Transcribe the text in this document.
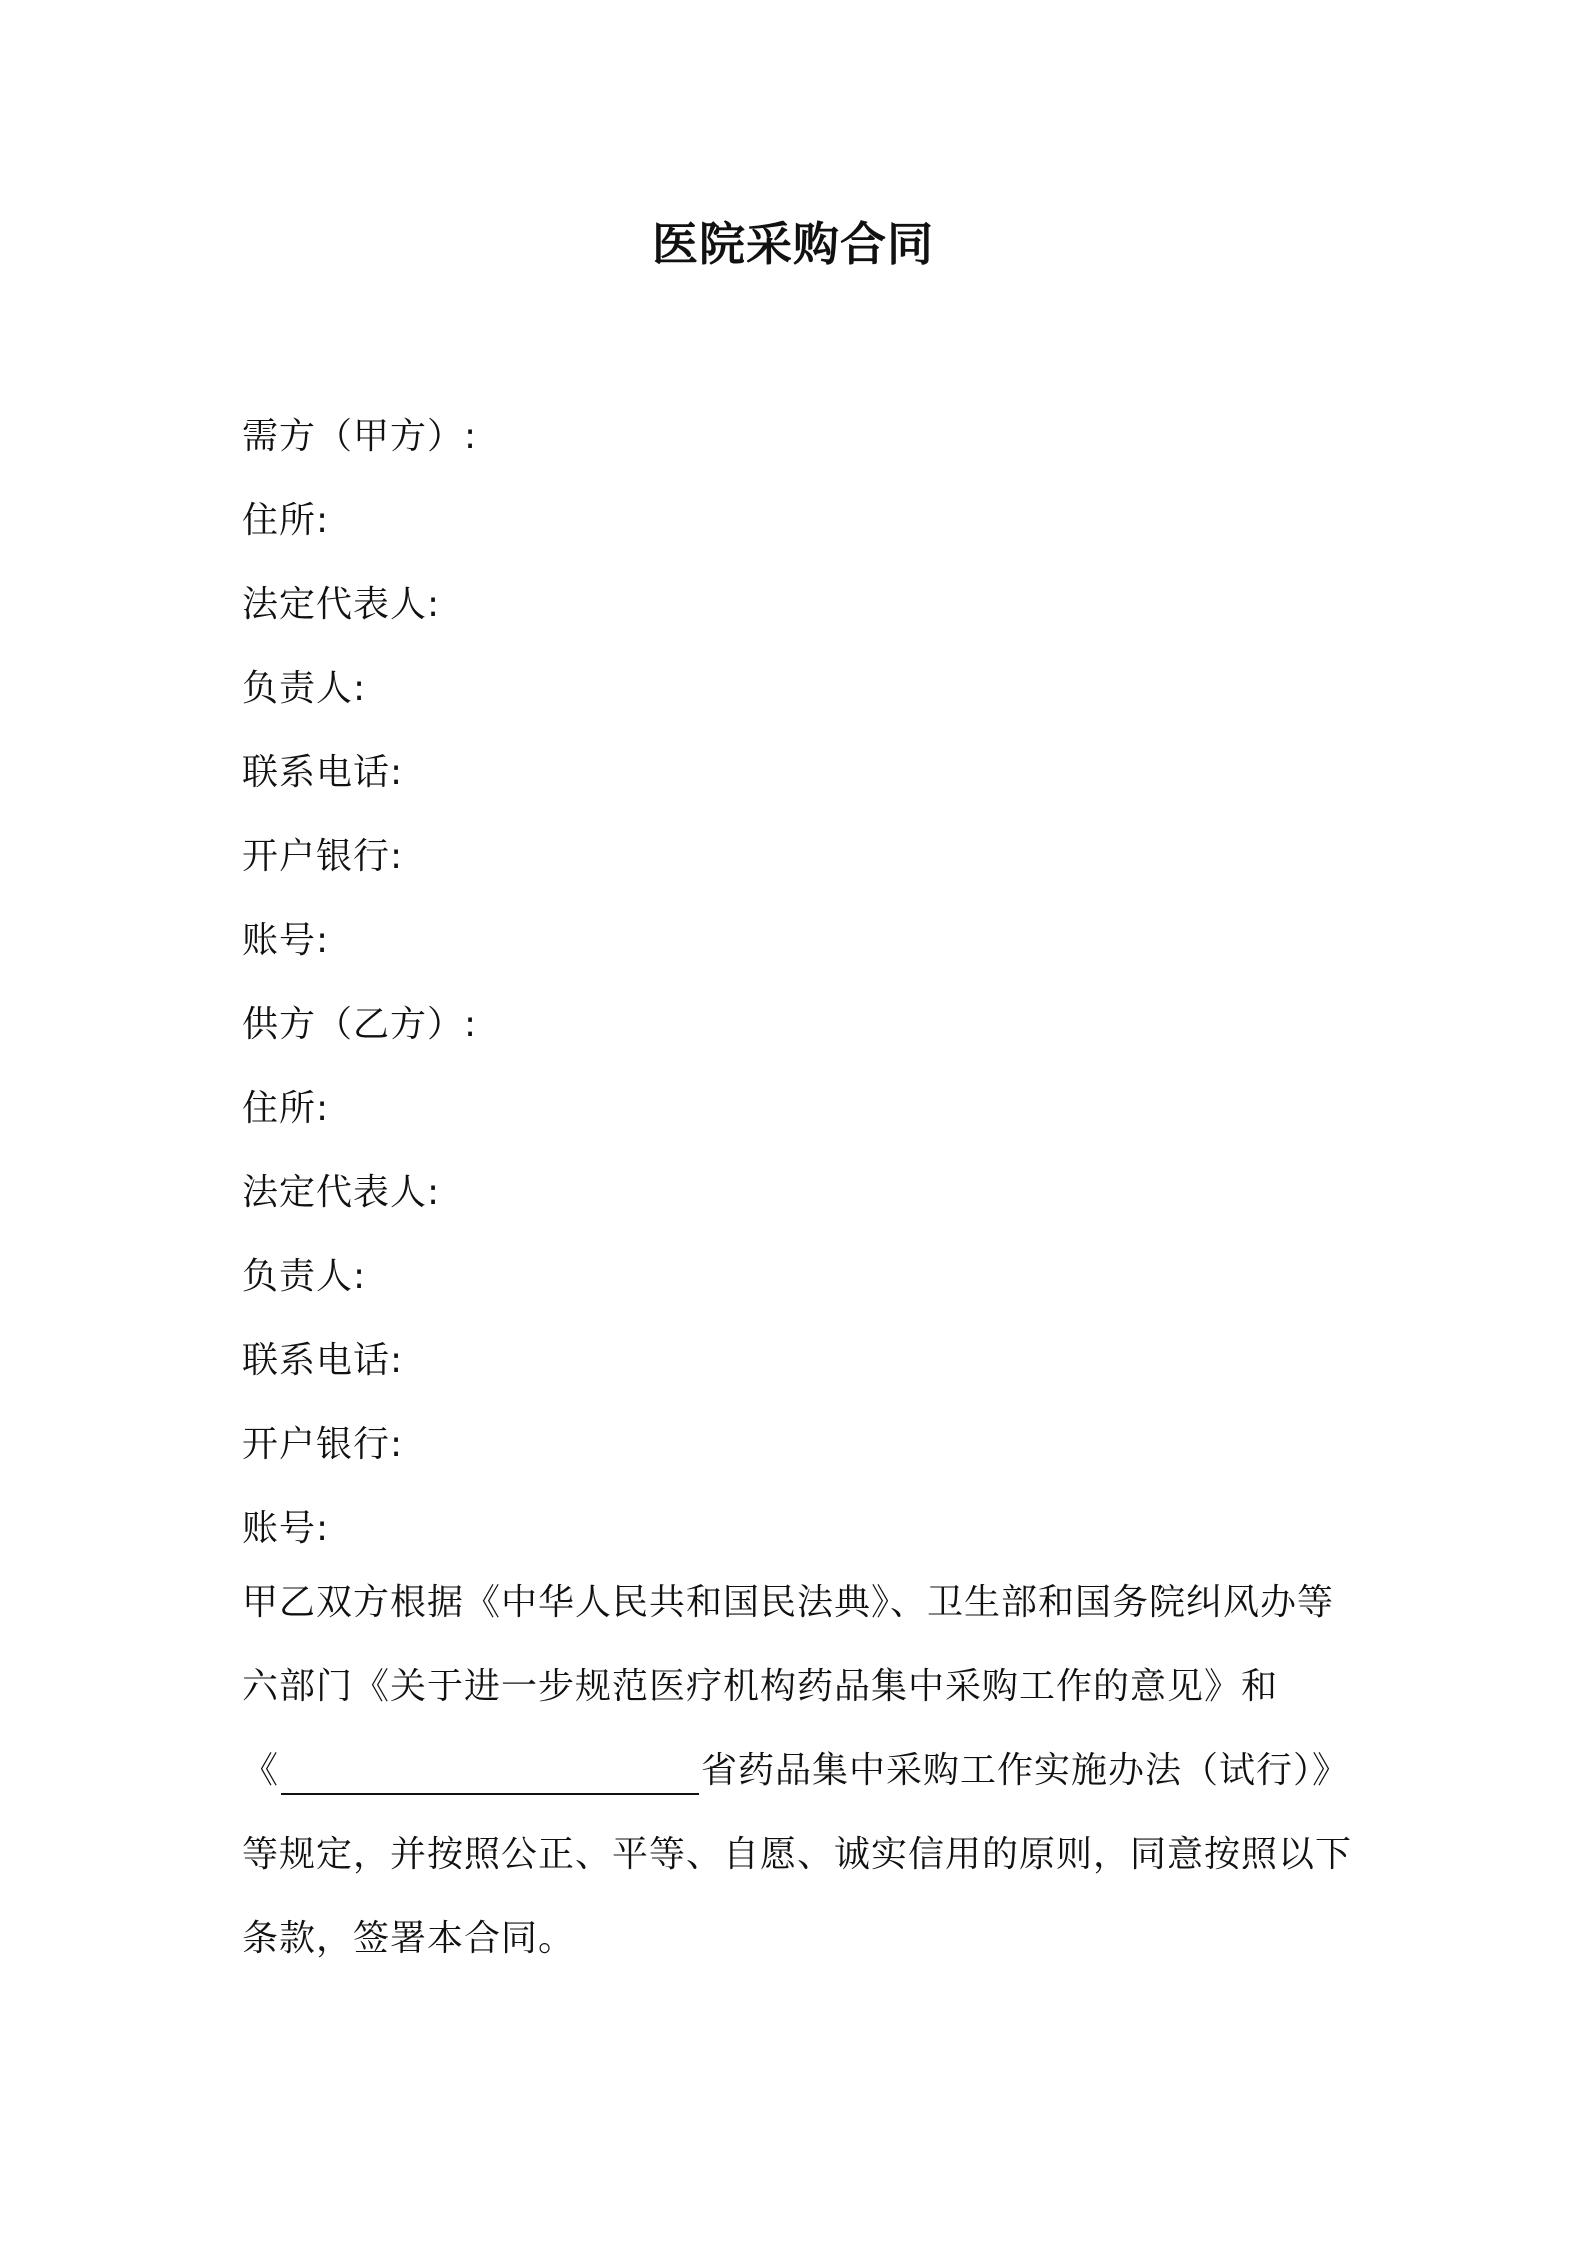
医院采购合同
需方（甲方）:
住所:
法定代表人:
负责人:
联系电话:
开户银行:
账号:
供方（乙方）:
住所:
法定代表人:
负责人:
联系电话:
开户银行:
账号:
甲乙双方根据《中华人民共和国民法典》、卫生部和国务院纠风办等
六部门《关于进一步规范医疗机构药品集中采购工作的意见》和
《	省药品集中采购工作实施办法（试行）》
等规定，并按照公正、平等、自愿、诚实信用的原则，同意按照以下
条款，签署本合同。
